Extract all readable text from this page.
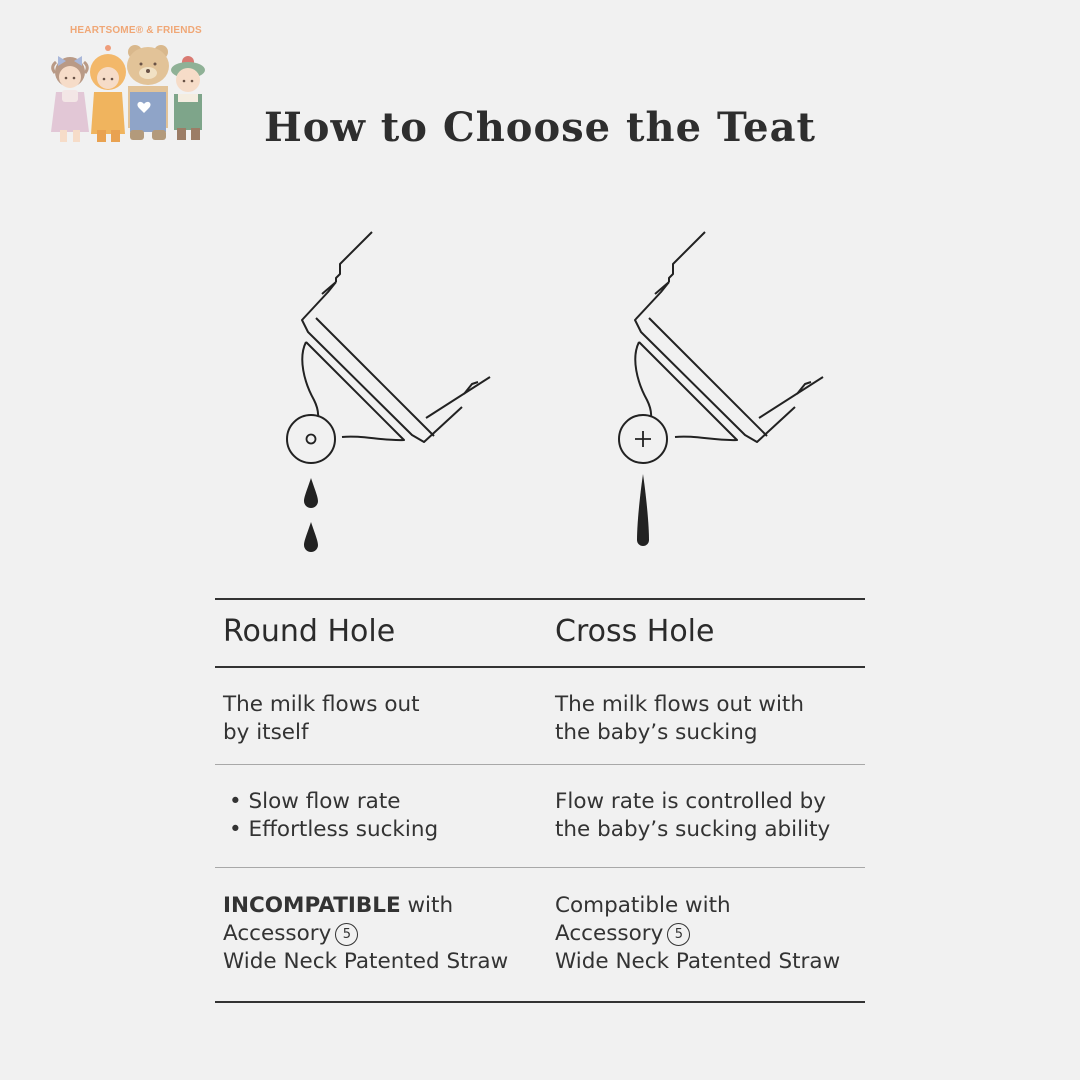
HEARTSOME® & FRIENDS
How to Choose the Teat
Round Hole	Cross Hole
The milk flows out
by itself
The milk flows out with
the baby’s sucking
• Slow flow rate
• Effortless sucking
Flow rate is controlled by
the baby’s sucking ability
INCOMPATIBLE with
Accessory 5
Wide Neck Patented Straw
Compatible with
Accessory 5
Wide Neck Patented Straw
